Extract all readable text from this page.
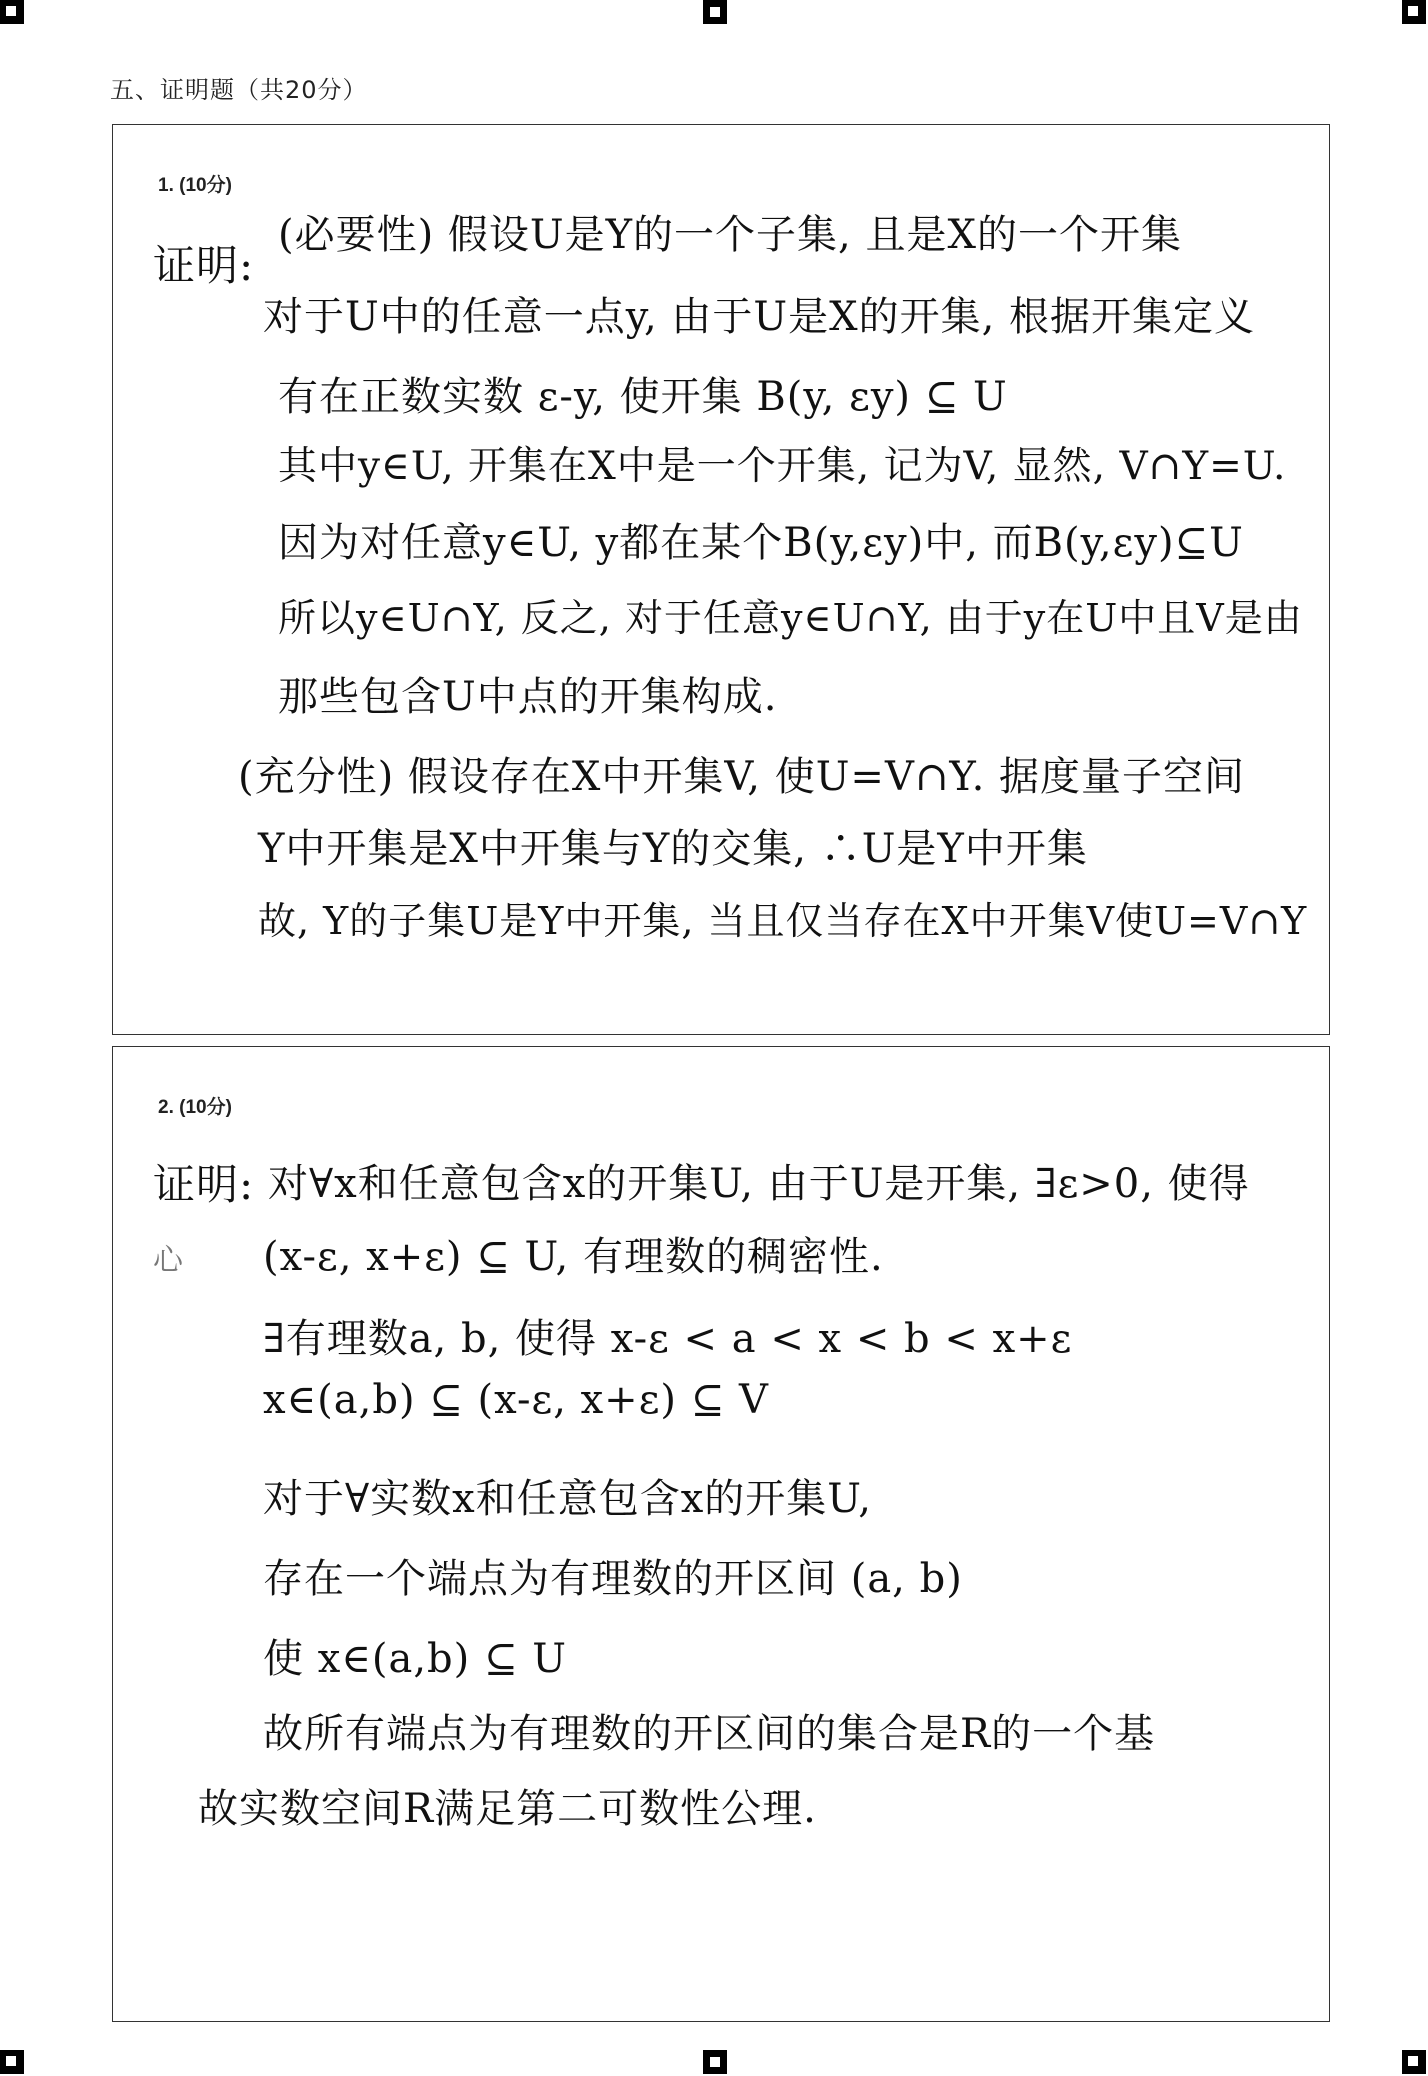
五、证明题（共20分）
1. (10分)
证明:
(必要性) 假设U是Y的一个子集, 且是X的一个开集
对于U中的任意一点y, 由于U是X的开集, 根据开集定义
有在正数实数 ε-y, 使开集 B(y, εy) ⊆ U
其中y∈U, 开集在X中是一个开集, 记为V, 显然, V∩Y=U.
因为对任意y∈U, y都在某个B(y,εy)中, 而B(y,εy)⊆U
所以y∈U∩Y, 反之, 对于任意y∈U∩Y, 由于y在U中且V是由
那些包含U中点的开集构成.
(充分性) 假设存在X中开集V, 使U=V∩Y. 据度量子空间
Y中开集是X中开集与Y的交集, ∴U是Y中开集
故, Y的子集U是Y中开集, 当且仅当存在X中开集V使U=V∩Y
2. (10分)
证明:
心
对∀x和任意包含x的开集U, 由于U是开集, ∃ε>0, 使得
(x-ε, x+ε) ⊆ U, 有理数的稠密性.
∃有理数a, b, 使得 x-ε < a < x < b < x+ε
x∈(a,b) ⊆ (x-ε, x+ε) ⊆ V
对于∀实数x和任意包含x的开集U,
存在一个端点为有理数的开区间 (a, b)
使 x∈(a,b) ⊆ U
故所有端点为有理数的开区间的集合是R的一个基
故实数空间R满足第二可数性公理.
